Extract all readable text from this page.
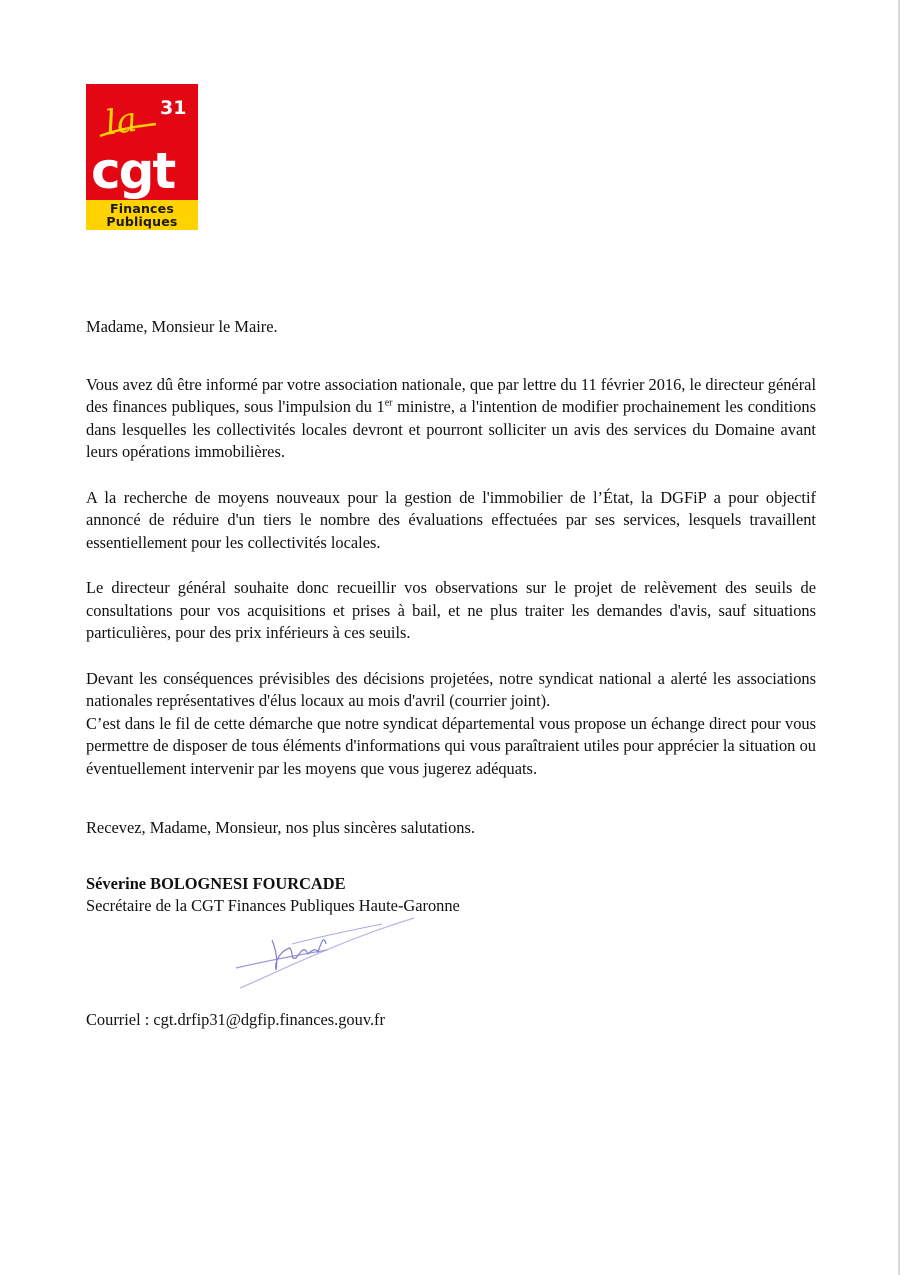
la 31
cgt
Finances
Publiques

Madame, Monsieur le Maire.

Vous avez dû être informé par votre association nationale, que par lettre du 11 février 2016, le directeur général des finances publiques, sous l'impulsion du 1er ministre, a l'intention de modifier prochainement les conditions dans lesquelles les collectivités locales devront et pourront solliciter un avis des services du Domaine avant leurs opérations immobilières.

A la recherche de moyens nouveaux pour la gestion de l'immobilier de l’État, la DGFiP a pour objectif annoncé de réduire d'un tiers le nombre des évaluations effectuées par ses services, lesquels travaillent essentiellement pour les collectivités locales.

Le directeur général souhaite donc recueillir vos observations sur le projet de relèvement des seuils de consultations pour vos acquisitions et prises à bail, et ne plus traiter les demandes d'avis, sauf situations particulières, pour des prix inférieurs à ces seuils.

Devant les conséquences prévisibles des décisions projetées, notre syndicat national a alerté les associations nationales représentatives d'élus locaux au mois d'avril (courrier joint).

C’est dans le fil de cette démarche que notre syndicat départemental vous propose un échange direct pour vous permettre de disposer de tous éléments d'informations qui vous paraîtraient utiles pour apprécier la situation ou éventuellement intervenir par les moyens que vous jugerez adéquats.

Recevez, Madame, Monsieur, nos plus sincères salutations.

Séverine BOLOGNESI FOURCADE

Secrétaire de la CGT Finances Publiques Haute-Garonne

Courriel : cgt.drfip31@dgfip.finances.gouv.fr
